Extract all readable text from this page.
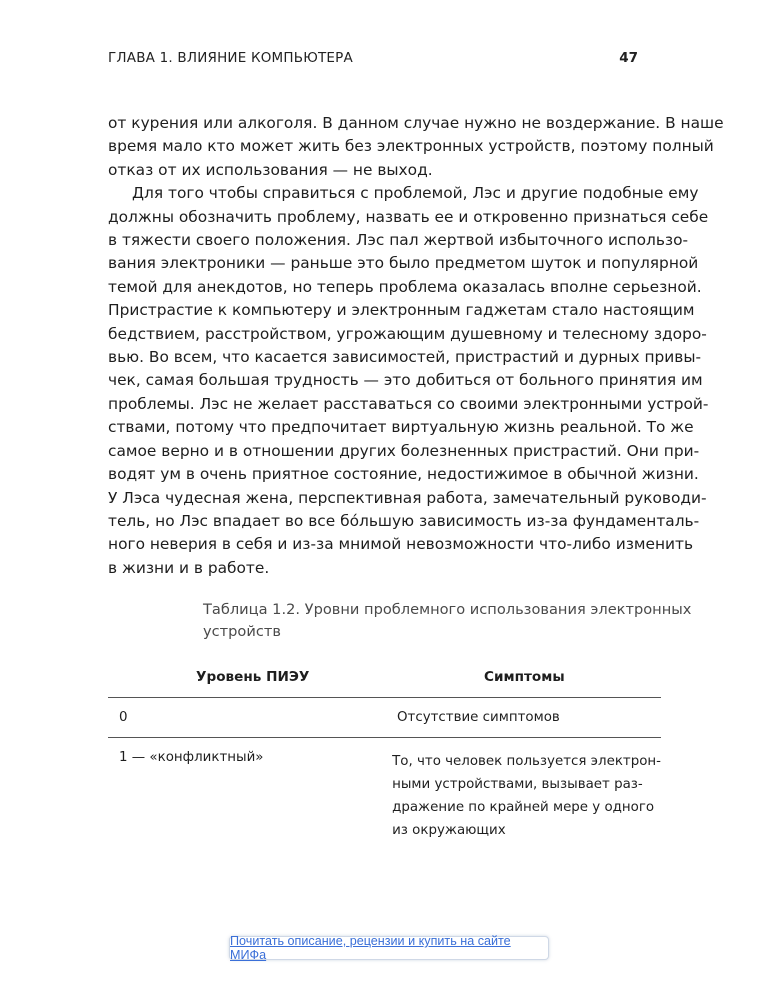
ГЛАВА 1. ВЛИЯНИЕ КОМПЬЮТЕРА	47
от курения или алкоголя. В данном случае нужно не воздержание. В наше
время мало кто может жить без электронных устройств, поэтому полный
отказ от их использования — не выход.
Для того чтобы справиться с проблемой, Лэс и другие подобные ему
должны обозначить проблему, назвать ее и откровенно признаться себе
в тяжести своего положения. Лэс пал жертвой избыточного использо-
вания электроники — раньше это было предметом шуток и популярной
темой для анекдотов, но теперь проблема оказалась вполне серьезной.
Пристрастие к компьютеру и электронным гаджетам стало настоящим
бедствием, расстройством, угрожающим душевному и телесному здоро-
вью. Во всем, что касается зависимостей, пристрастий и дурных привы-
чек, самая большая трудность — это добиться от больного принятия им
проблемы. Лэс не желает расставаться со своими электронными устрой-
ствами, потому что предпочитает виртуальную жизнь реальной. То же
самое верно и в отношении других болезненных пристрастий. Они при-
водят ум в очень приятное состояние, недостижимое в обычной жизни.
У Лэса чудесная жена, перспективная работа, замечательный руководи-
тель, но Лэс впадает во все бóльшую зависимость из-за фундаменталь-
ного неверия в себя и из-за мнимой невозможности что-либо изменить
в жизни и в работе.
Таблица 1.2. Уровни проблемного использования электронных
устройств
Уровень ПИЭУ	Симптомы
0	Отсутствие симптомов
1 — «конфликтный»	То, что человек пользуется электрон-
ными устройствами, вызывает раз-
дражение по крайней мере у одного
из окружающих
Почитать описание, рецензии и купить на сайте МИФа
